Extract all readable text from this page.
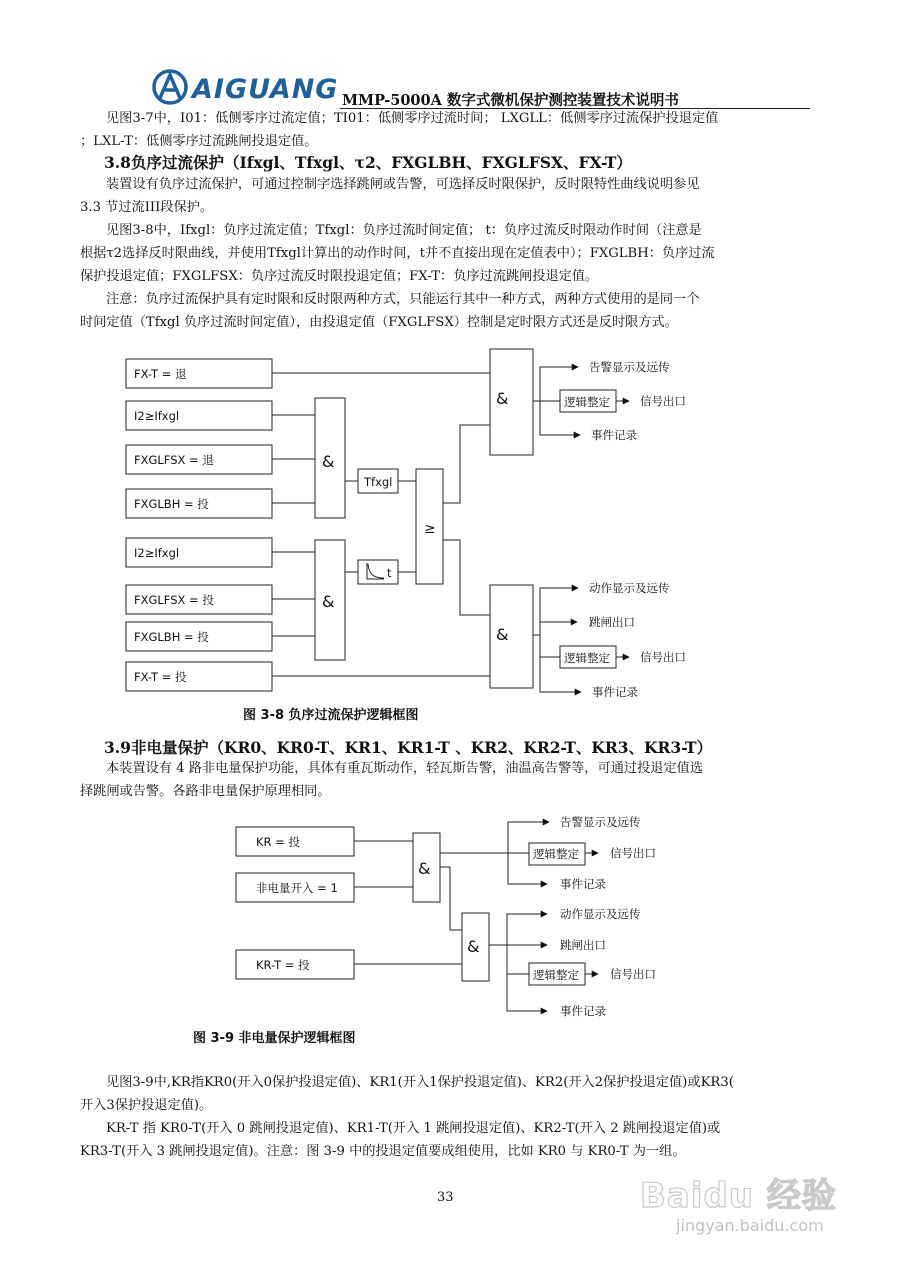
AIGUANG MMP-5000A 数字式微机保护测控装置技术说明书
见图3-7中，I01：低侧零序过流定值；TI01：低侧零序过流时间； LXGLL：低侧零序过流保护投退定值
；LXL-T：低侧零序过流跳闸投退定值。
3.8负序过流保护（Ifxgl、Tfxgl、τ2、FXGLBH、FXGLFSX、FX-T）
装置设有负序过流保护，可通过控制字选择跳闸或告警，可选择反时限保护，反时限特性曲线说明参见
3.3 节过流III段保护。
见图3-8中，Ifxgl：负序过流定值；Tfxgl：负序过流时间定值； t：负序过流反时限动作时间（注意是
根据τ2选择反时限曲线，并使用Tfxgl计算出的动作时间，t并不直接出现在定值表中）；FXGLBH：负序过流
保护投退定值；FXGLFSX：负序过流反时限投退定值；FX-T：负序过流跳闸投退定值。
注意：负序过流保护具有定时限和反时限两种方式，只能运行其中一种方式，两种方式使用的是同一个
时间定值（Tfxgl 负序过流时间定值），由投退定值（FXGLFSX）控制是定时限方式还是反时限方式。
FX-T = 退
I2≥Ifxgl
FXGLFSX = 退
FXGLBH = 投
I2≥Ifxgl
FXGLFSX = 投
FXGLBH = 投
FX-T = 投
&
&
Tfxgl
t
≥
&
&
逻辑整定
逻辑整定
告警显示及远传
信号出口
事件记录
动作显示及远传
跳闸出口
信号出口
事件记录
图 3-8 负序过流保护逻辑框图
3.9非电量保护（KR0、KR0-T、KR1、KR1-T 、KR2、KR2-T、KR3、KR3-T）
本装置设有 4 路非电量保护功能，具体有重瓦斯动作，轻瓦斯告警，油温高告警等，可通过投退定值选
择跳闸或告警。各路非电量保护原理相同。
KR = 投
非电量开入 = 1
KR-T = 投
&
&
逻辑整定
逻辑整定
告警显示及远传
信号出口
事件记录
动作显示及远传
跳闸出口
信号出口
事件记录
图 3-9 非电量保护逻辑框图
见图3-9中,KR指KR0(开入0保护投退定值)、KR1(开入1保护投退定值)、KR2(开入2保护投退定值)或KR3(
开入3保护投退定值)。
KR-T 指 KR0-T(开入 0 跳闸投退定值)、KR1-T(开入 1 跳闸投退定值)、KR2-T(开入 2 跳闸投退定值)或
KR3-T(开入 3 跳闸投退定值)。注意：图 3-9 中的投退定值要成组使用，比如 KR0 与 KR0-T 为一组。
33	Baidu 经验
jingyan.baidu.com
